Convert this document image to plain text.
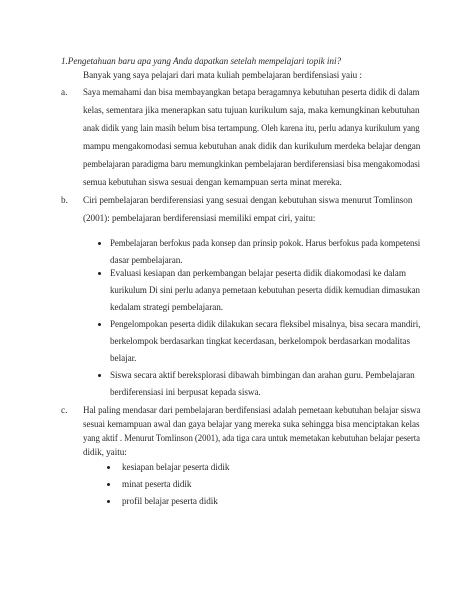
1.Pengetahuan baru apa yang Anda dapatkan setelah mempelajari topik ini?
Banyak yang saya pelajari dari mata kuliah pembelajaran berdifensiasi yaiu :
a. Saya memahami dan bisa membayangkan betapa beragamnya kebutuhan peserta didik di dalam
kelas, sementara jika menerapkan satu tujuan kurikulum saja, maka kemungkinan kebutuhan
anak didik yang lain masih belum bisa tertampung. Oleh karena itu, perlu adanya kurikulum yang
mampu mengakomodasi semua kebutuhan anak didik dan kurikulum merdeka belajar dengan
pembelajaran paradigma baru memungkinkan pembelajaran berdiferensiasi bisa mengakomodasi
semua kebutuhan siswa sesuai dengan kemampuan serta minat mereka.
b. Ciri pembelajaran berdiferensiasi yang sesuai dengan kebutuhan siswa menurut Tomlinson
(2001): pembelajaran berdiferensiasi memiliki empat ciri, yaitu:
Pembelajaran berfokus pada konsep dan prinsip pokok. Harus berfokus pada kompetensi
dasar pembelajaran.
Evaluasi kesiapan dan perkembangan belajar peserta didik diakomodasi ke dalam
kurikulum Di sini perlu adanya pemetaan kebutuhan peserta didik kemudian dimasukan
kedalam strategi pembelajaran.
Pengelompokan peserta didik dilakukan secara fleksibel misalnya, bisa secara mandiri,
berkelompok berdasarkan tingkat kecerdasan, berkelompok berdasarkan modalitas
belajar.
Siswa secara aktif bereksplorasi dibawah bimbingan dan arahan guru. Pembelajaran
berdiferensiasi ini berpusat kepada siswa.
c. Hal paling mendasar dari pembelajaran berdifensiasi adalah pemetaan kebutuhan belajar siswa
sesuai kemampuan awal dan gaya belajar yang mereka suka sehingga bisa menciptakan kelas
yang aktif . Menurut Tomlinson (2001), ada tiga cara untuk memetakan kebutuhan belajar peserta
didik, yaitu:
kesiapan belajar peserta didik
minat peserta didik
profil belajar peserta didik
